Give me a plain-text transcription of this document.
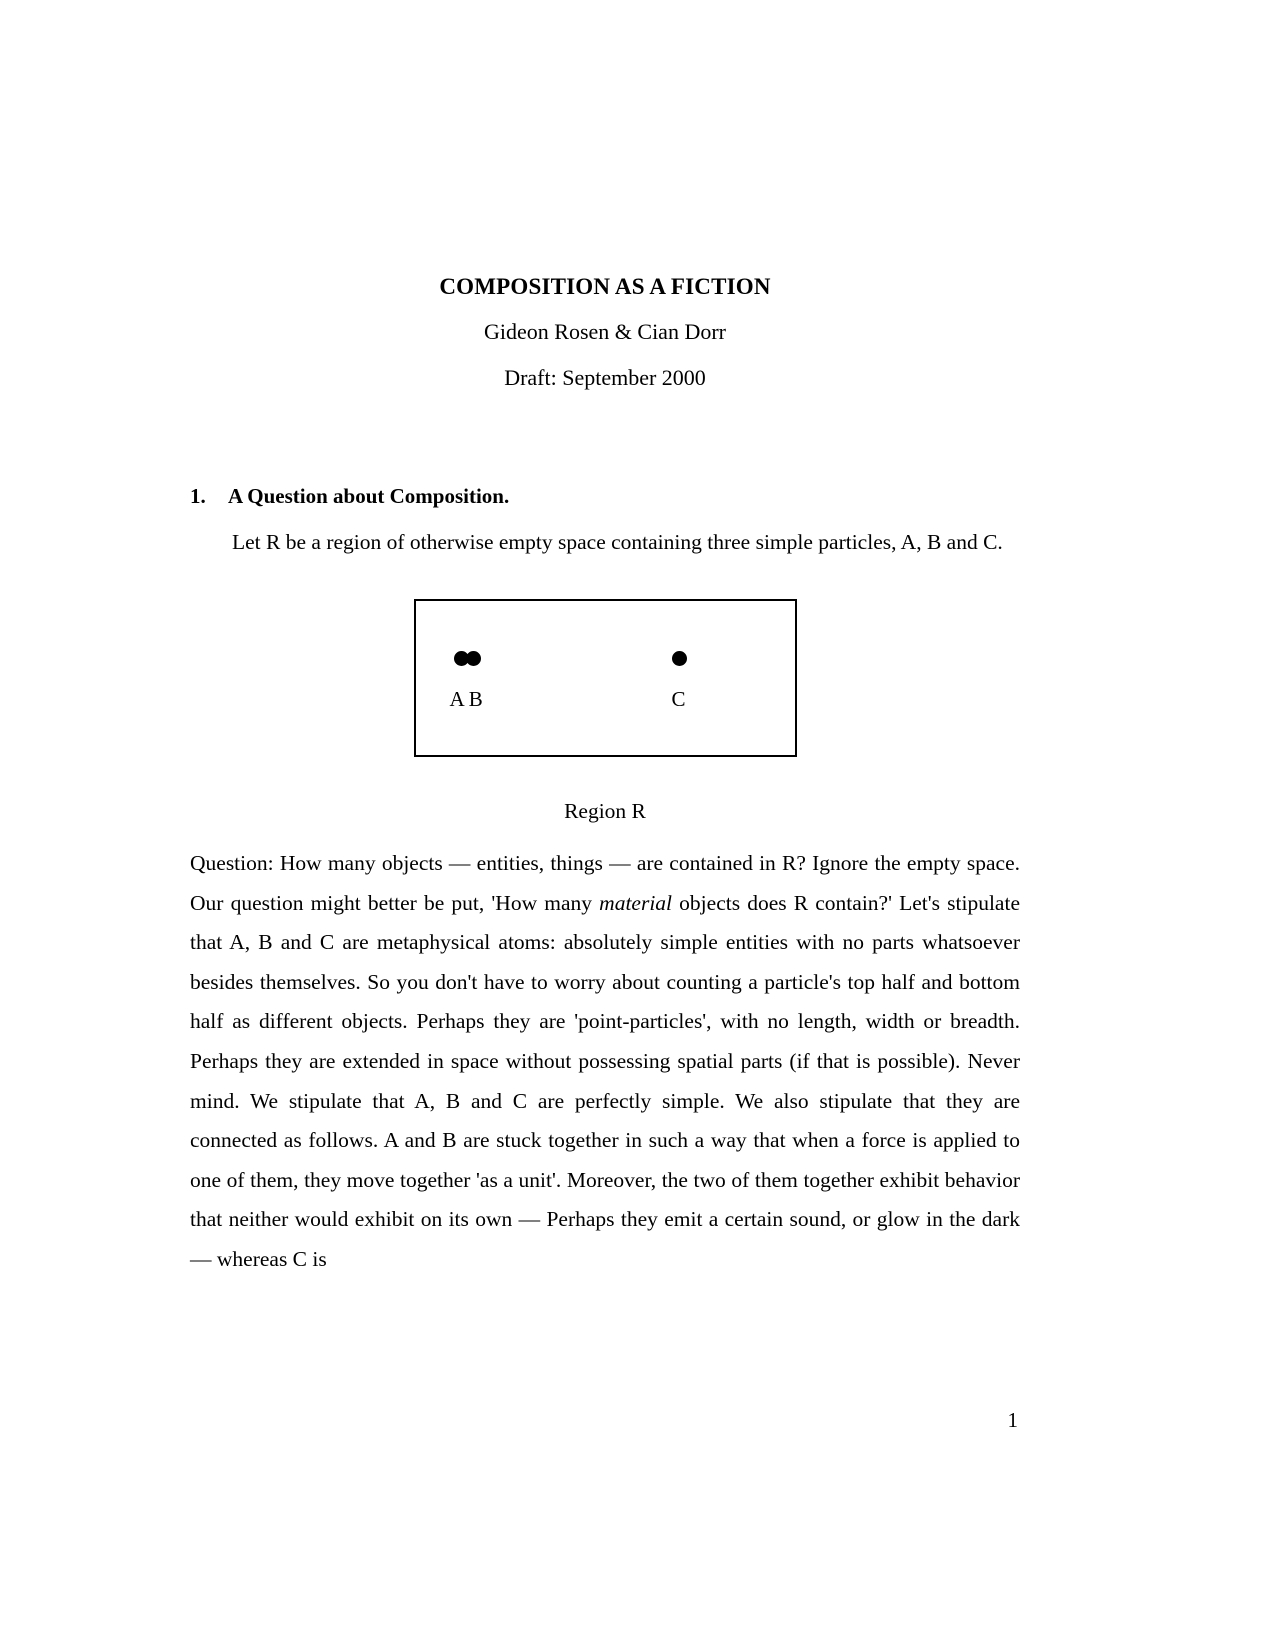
COMPOSITION AS A FICTION
Gideon Rosen & Cian Dorr
Draft: September 2000
1. A Question about Composition.

Let R be a region of otherwise empty space containing three simple particles, A, B and C.

A B	C
Region R

Question: How many objects — entities, things — are contained in R? Ignore the empty space. Our question might better be put, 'How many material objects does R contain?' Let's stipulate that A, B and C are metaphysical atoms: absolutely simple entities with no parts whatsoever besides themselves. So you don't have to worry about counting a particle's top half and bottom half as different objects. Perhaps they are 'point-particles', with no length, width or breadth. Perhaps they are extended in space without possessing spatial parts (if that is possible). Never mind. We stipulate that A, B and C are perfectly simple. We also stipulate that they are connected as follows. A and B are stuck together in such a way that when a force is applied to one of them, they move together 'as a unit'. Moreover, the two of them together exhibit behavior that neither would exhibit on its own — Perhaps they emit a certain sound, or glow in the dark — whereas C is

1
